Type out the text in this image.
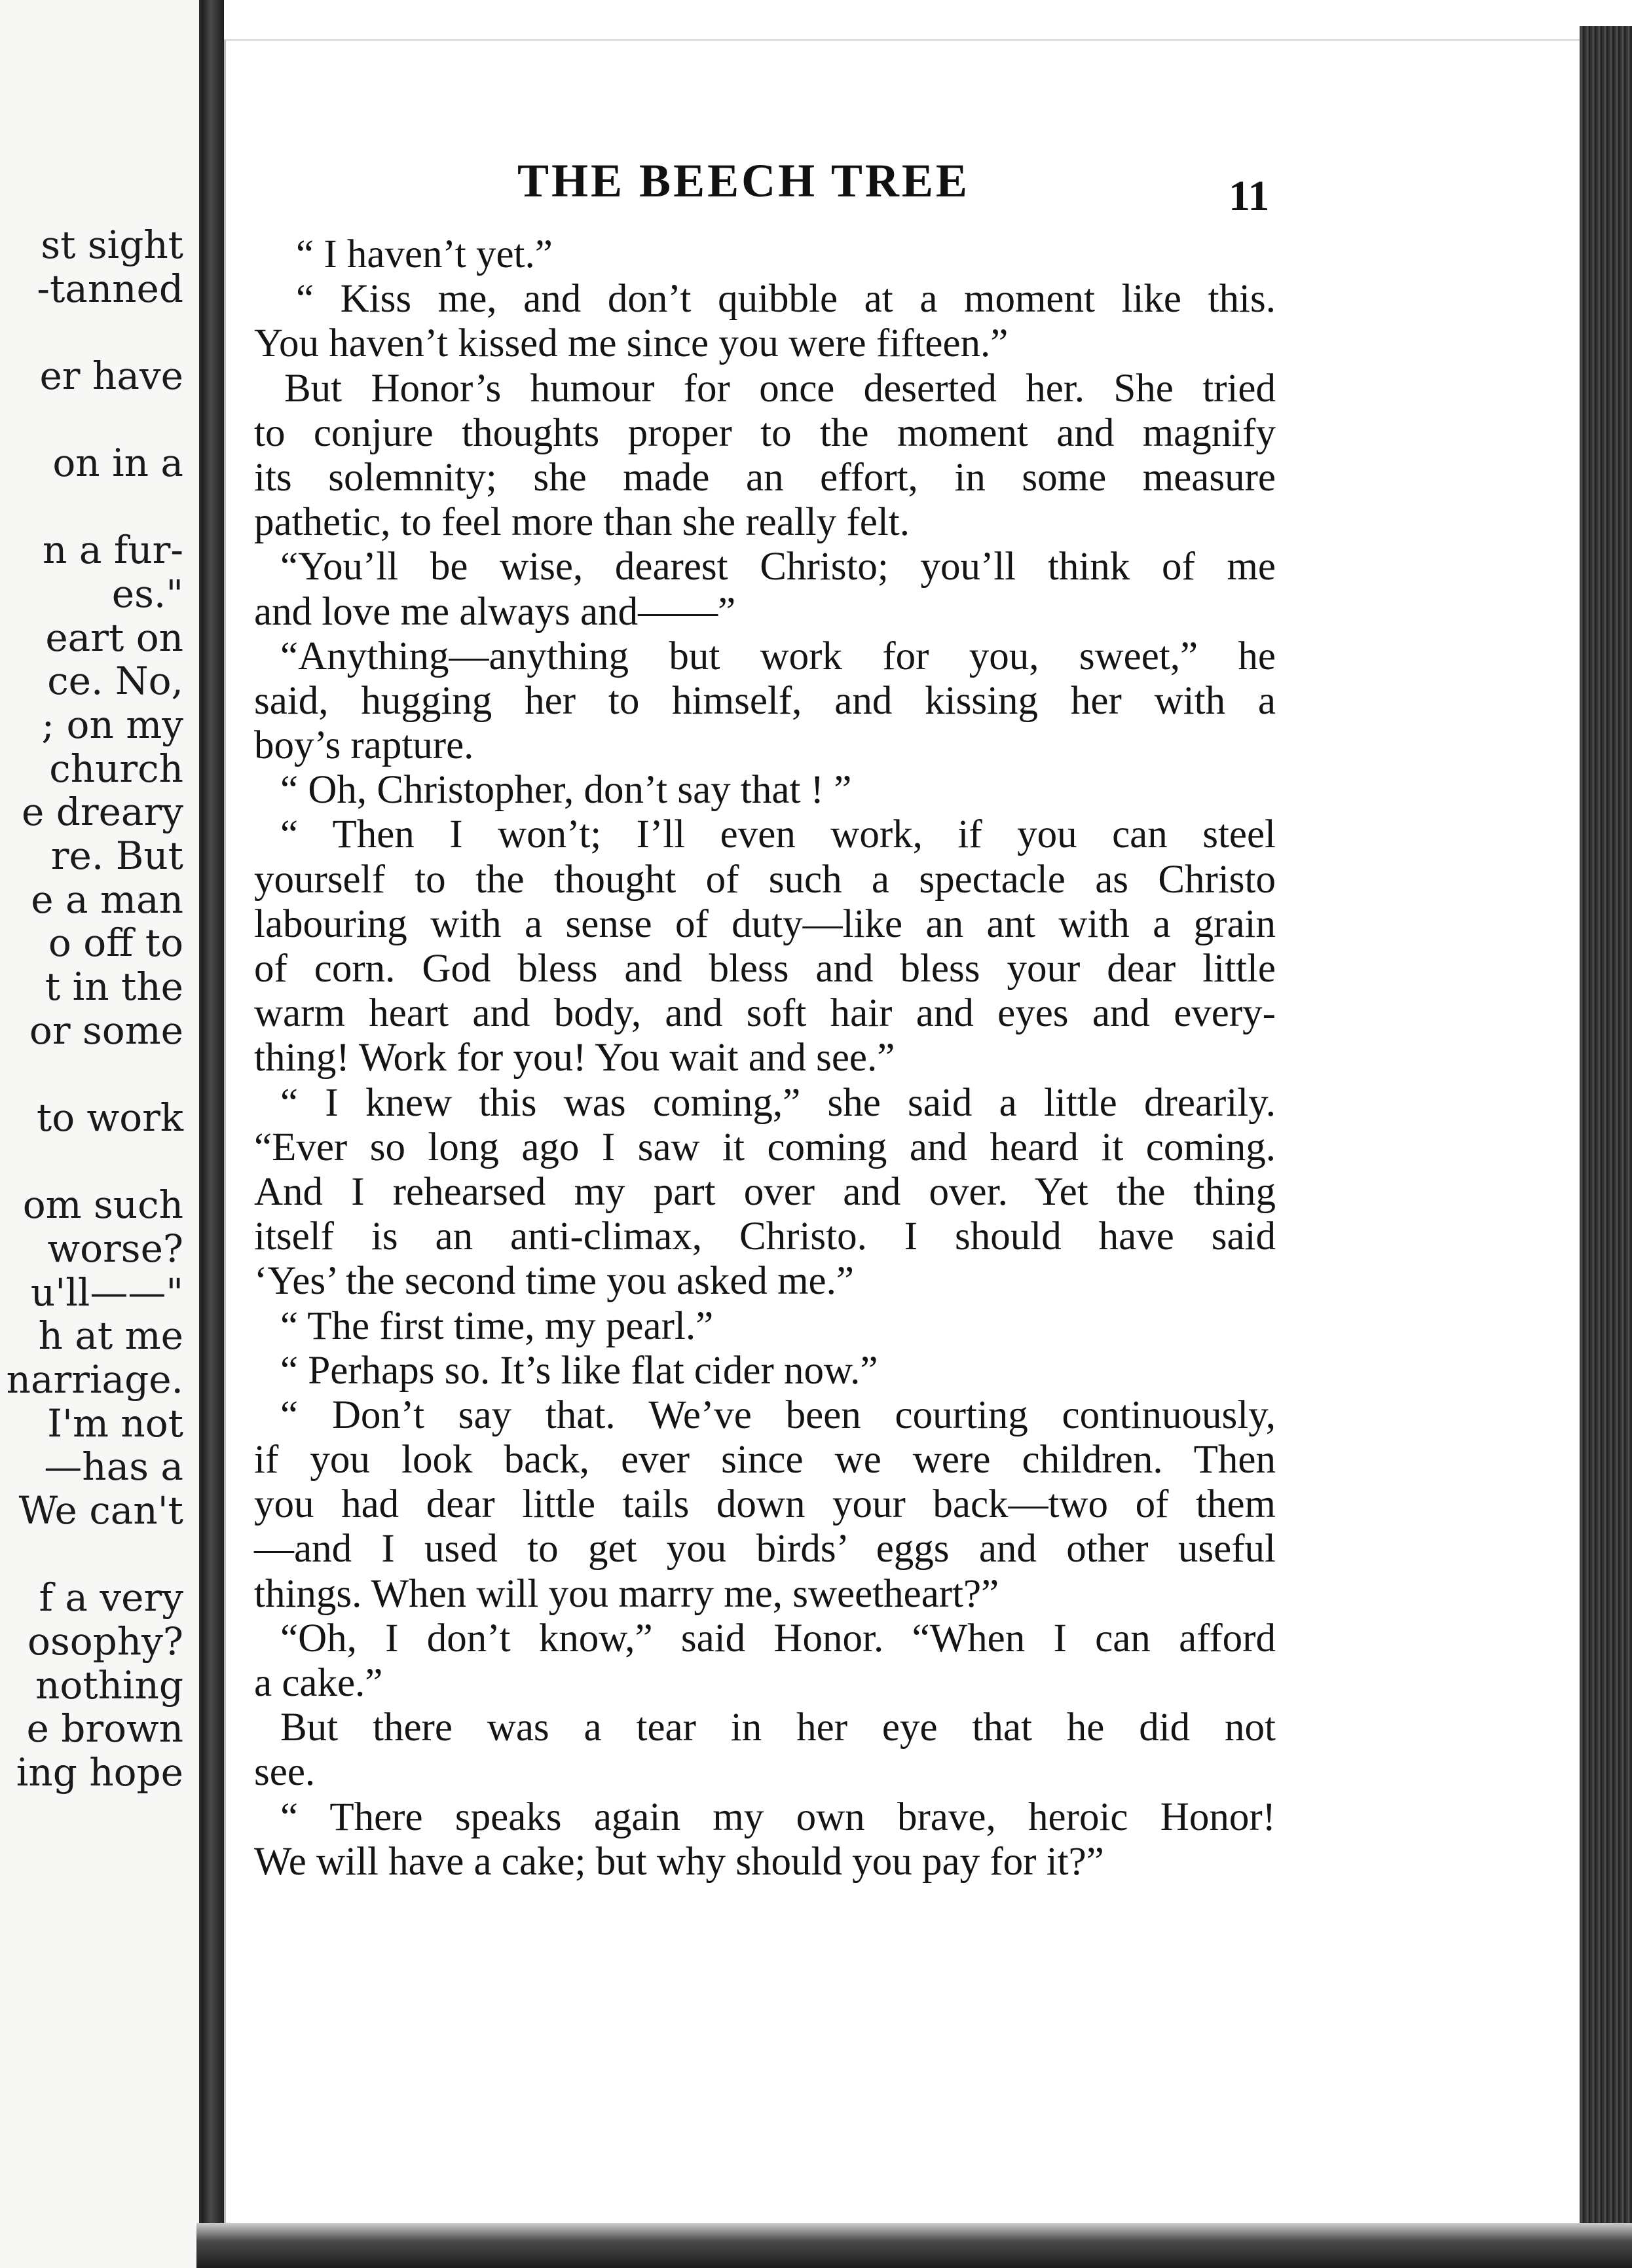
st sight
-tanned
er have
on in a
n a fur-
es."
eart on
ce. No,
; on my
church
e dreary
re. But
e a man
o off to
t in the
or some
to work
om such
worse?
u'll——"
h at me
narriage.
I'm not
—has a
We can't
f a very
osophy?
nothing
e brown
ing hope
THE BEECH TREE	11
“ I haven’t yet.”
“ Kiss me, and don’t quibble at a moment like this.
You haven’t kissed me since you were fifteen.”
But Honor’s humour for once deserted her. She tried
to conjure thoughts proper to the moment and magnify
its solemnity; she made an effort, in some measure
pathetic, to feel more than she really felt.
“You’ll be wise, dearest Christo; you’ll think of me
and love me always and——”
“Anything—anything but work for you, sweet,” he
said, hugging her to himself, and kissing her with a
boy’s rapture.
“ Oh, Christopher, don’t say that ! ”
“ Then I won’t; I’ll even work, if you can steel
yourself to the thought of such a spectacle as Christo
labouring with a sense of duty—like an ant with a grain
of corn. God bless and bless and bless your dear little
warm heart and body, and soft hair and eyes and every-
thing! Work for you! You wait and see.”
“ I knew this was coming,” she said a little drearily.
“Ever so long ago I saw it coming and heard it coming.
And I rehearsed my part over and over. Yet the thing
itself is an anti-climax, Christo. I should have said
‘Yes’ the second time you asked me.”
“ The first time, my pearl.”
“ Perhaps so. It’s like flat cider now.”
“ Don’t say that. We’ve been courting continuously,
if you look back, ever since we were children. Then
you had dear little tails down your back—two of them
—and I used to get you birds’ eggs and other useful
things. When will you marry me, sweetheart?”
“Oh, I don’t know,” said Honor. “When I can afford
a cake.”
But there was a tear in her eye that he did not
see.
“ There speaks again my own brave, heroic Honor!
We will have a cake; but why should you pay for it?”
